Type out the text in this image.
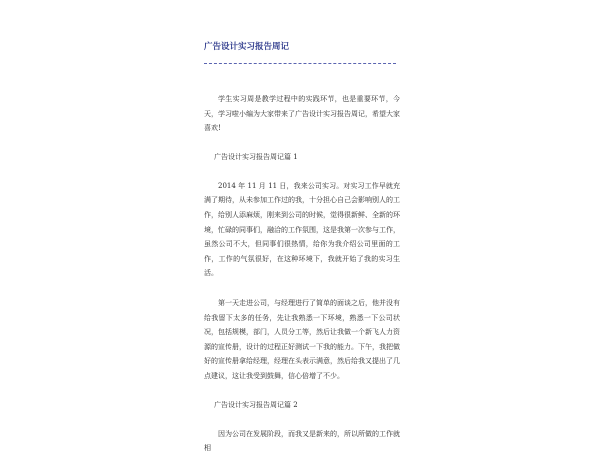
广告设计实习报告周记

学生实习周是教学过程中的实践环节，也是重要环节，今天，学习啦小编为大家带来了广告设计实习报告周记，希望大家喜欢!

广告设计实习报告周记篇 1

2014 年 11 月 11 日，我来公司实习。对实习工作早就充满了期待，从未参加工作过的我，十分担心自己会影响别人的工作，给别人添麻烦，刚来到公司的时候，觉得很新鲜、全新的环境，忙碌的同事们，融洽的工作氛围，这是我第一次参与工作，虽然公司不大，但同事们很热情，给你为我介绍公司里面的工作，工作的气氛很好，在这种环境下，我就开始了我的实习生活。

第一天走进公司，与经理进行了简单的面谈之后，他并没有给我留下太多的任务，先让我熟悉一下环境，熟悉一下公司状况，包括规模，部门，人员分工等，然后让我做一个新飞人力资源的宣传册，设计的过程正好测试一下我的能力。下午，我把做好的宣传册拿给经理，经理在头表示满意，然后给我又提出了几点建议，这让我受到鼓舞，信心倍增了不少。

广告设计实习报告周记篇 2

因为公司在发展阶段，而我又是新来的，所以所做的工作就相
